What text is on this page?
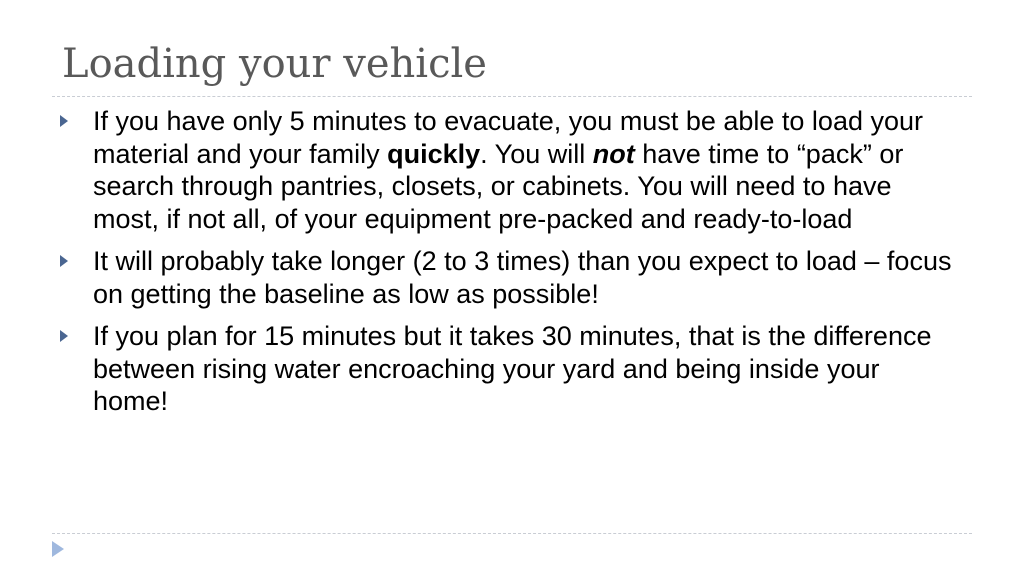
Loading your vehicle
If you have only 5 minutes to evacuate, you must be able to load your material and your family quickly. You will not have time to “pack” or search through pantries, closets, or cabinets. You will need to have most, if not all, of your equipment pre-packed and ready-to-load
It will probably take longer (2 to 3 times) than you expect to load – focus on getting the baseline as low as possible!
If you plan for 15 minutes but it takes 30 minutes, that is the difference between rising water encroaching your yard and being inside your home!
